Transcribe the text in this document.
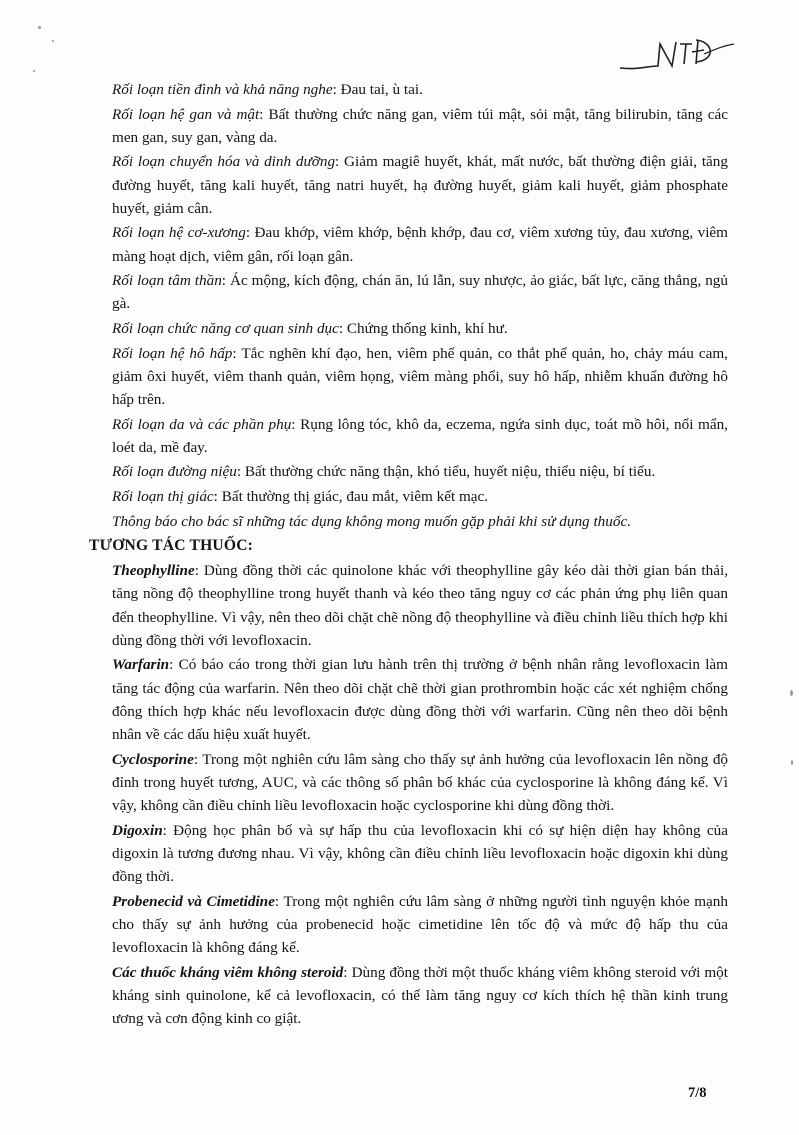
Rối loạn tiền đình và khả năng nghe: Đau tai, ù tai.

Rối loạn hệ gan và mật: Bất thường chức năng gan, viêm túi mật, sỏi mật, tăng bilirubin, tăng các men gan, suy gan, vàng da.

Rối loạn chuyển hóa và dinh dưỡng: Giảm magiê huyết, khát, mất nước, bất thường điện giải, tăng đường huyết, tăng kali huyết, tăng natri huyết, hạ đường huyết, giảm kali huyết, giảm phosphate huyết, giảm cân.

Rối loạn hệ cơ-xương: Đau khớp, viêm khớp, bệnh khớp, đau cơ, viêm xương tủy, đau xương, viêm màng hoạt dịch, viêm gân, rối loạn gân.

Rối loạn tâm thần: Ác mộng, kích động, chán ăn, lú lẫn, suy nhược, ảo giác, bất lực, căng thẳng, ngủ gà.

Rối loạn chức năng cơ quan sinh dục: Chứng thống kinh, khí hư.

Rối loạn hệ hô hấp: Tắc nghẽn khí đạo, hen, viêm phế quản, co thắt phế quản, ho, chảy máu cam, giảm ôxi huyết, viêm thanh quản, viêm họng, viêm màng phổi, suy hô hấp, nhiễm khuẩn đường hô hấp trên.

Rối loạn da và các phần phụ: Rụng lông tóc, khô da, eczema, ngứa sinh dục, toát mồ hôi, nổi mẩn, loét da, mề đay.

Rối loạn đường niệu: Bất thường chức năng thận, khó tiểu, huyết niệu, thiểu niệu, bí tiểu.

Rối loạn thị giác: Bất thường thị giác, đau mắt, viêm kết mạc.

Thông báo cho bác sĩ những tác dụng không mong muốn gặp phải khi sử dụng thuốc.

TƯƠNG TÁC THUỐC:

Theophylline: Dùng đồng thời các quinolone khác với theophylline gây kéo dài thời gian bán thải, tăng nồng độ theophylline trong huyết thanh và kéo theo tăng nguy cơ các phản ứng phụ liên quan đến theophylline. Vì vậy, nên theo dõi chặt chẽ nồng độ theophylline và điều chỉnh liều thích hợp khi dùng đồng thời với levofloxacin.

Warfarin: Có báo cáo trong thời gian lưu hành trên thị trường ở bệnh nhân rằng levofloxacin làm tăng tác động của warfarin. Nên theo dõi chặt chẽ thời gian prothrombin hoặc các xét nghiệm chống đông thích hợp khác nếu levofloxacin được dùng đồng thời với warfarin. Cũng nên theo dõi bệnh nhân về các dấu hiệu xuất huyết.

Cyclosporine: Trong một nghiên cứu lâm sàng cho thấy sự ảnh hưởng của levofloxacin lên nồng độ đỉnh trong huyết tương, AUC, và các thông số phân bố khác của cyclosporine là không đáng kể. Vì vậy, không cần điều chỉnh liều levofloxacin hoặc cyclosporine khi dùng đồng thời.

Digoxin: Động học phân bố và sự hấp thu của levofloxacin khi có sự hiện diện hay không của digoxin là tương đương nhau. Vì vậy, không cần điều chỉnh liều levofloxacin hoặc digoxin khi dùng đồng thời.

Probenecid và Cimetidine: Trong một nghiên cứu lâm sàng ở những người tình nguyện khỏe mạnh cho thấy sự ảnh hưởng của probenecid hoặc cimetidine lên tốc độ và mức độ hấp thu của levofloxacin là không đáng kể.

Các thuốc kháng viêm không steroid: Dùng đồng thời một thuốc kháng viêm không steroid với một kháng sinh quinolone, kể cả levofloxacin, có thể làm tăng nguy cơ kích thích hệ thần kinh trung ương và cơn động kinh co giật.

7/8
